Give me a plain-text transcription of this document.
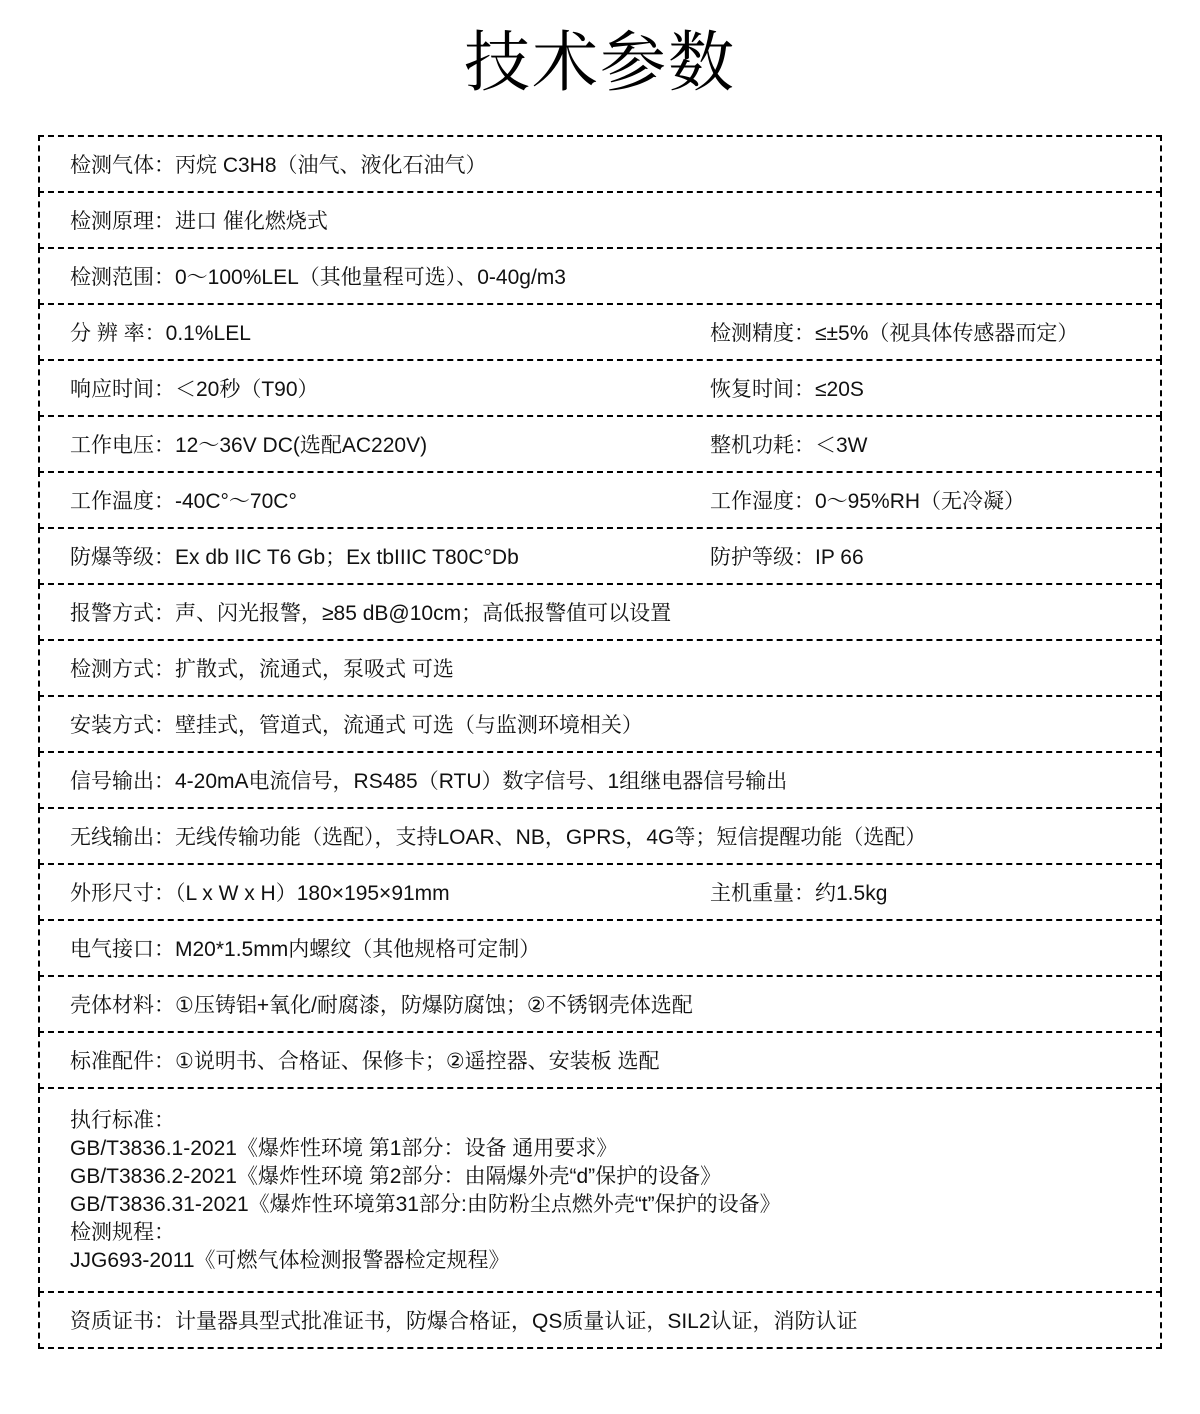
技术参数
检测气体：丙烷 C3H8（油气、液化石油气）
检测原理：进口 催化燃烧式
检测范围：0～100%LEL（其他量程可选）、0-40g/m3
分 辨 率：0.1%LEL	检测精度：≤±5%（视具体传感器而定）
响应时间：＜20秒（T90）	恢复时间：≤20S
工作电压：12～36V DC(选配AC220V)	整机功耗：＜3W
工作温度：-40C°～70C°	工作湿度：0～95%RH（无冷凝）
防爆等级：Ex db IIC T6 Gb；Ex tbIIIC T80C°Db	防护等级：IP 66
报警方式：声、闪光报警，≥85 dB@10cm；高低报警值可以设置
检测方式：扩散式，流通式，泵吸式 可选
安装方式：壁挂式，管道式，流通式 可选（与监测环境相关）
信号输出：4-20mA电流信号，RS485（RTU）数字信号、1组继电器信号输出
无线输出：无线传输功能（选配），支持LOAR、NB，GPRS，4G等；短信提醒功能（选配）
外形尺寸：（L x W x H）180×195×91mm	主机重量：约1.5kg
电气接口：M20*1.5mm内螺纹（其他规格可定制）
壳体材料：①压铸铝+氧化/耐腐漆，防爆防腐蚀；②不锈钢壳体选配
标准配件：①说明书、合格证、保修卡；②遥控器、安装板 选配
执行标准：
GB/T3836.1-2021《爆炸性环境 第1部分：设备 通用要求》
GB/T3836.2-2021《爆炸性环境 第2部分：由隔爆外壳“d”保护的设备》
GB/T3836.31-2021《爆炸性环境第31部分:由防粉尘点燃外壳“t”保护的设备》
检测规程：
JJG693-2011《可燃气体检测报警器检定规程》
资质证书：计量器具型式批准证书，防爆合格证，QS质量认证，SIL2认证，消防认证
